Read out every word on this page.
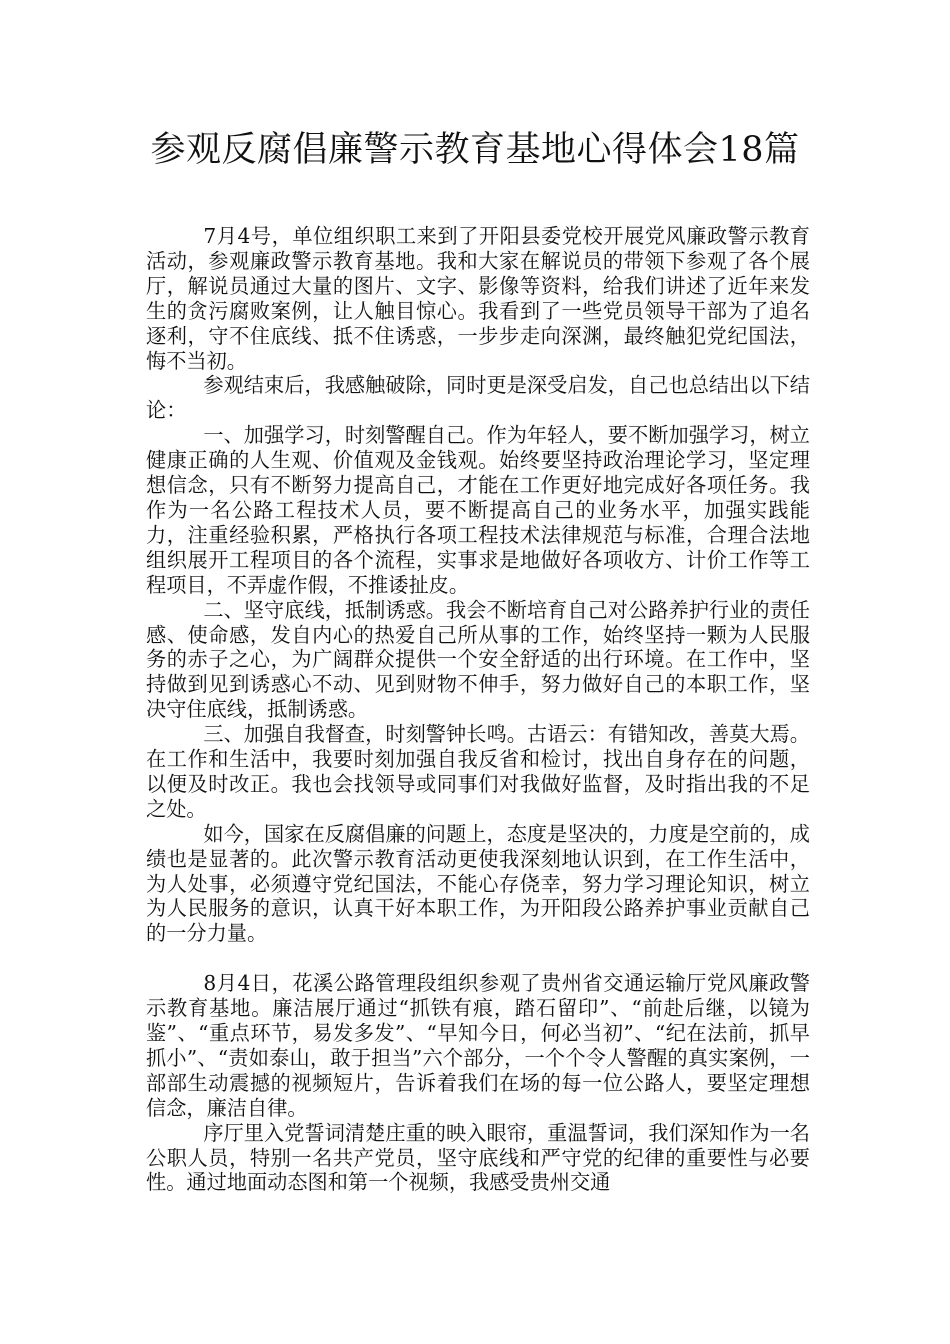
参观反腐倡廉警示教育基地心得体会18篇

7月4号，单位组织职工来到了开阳县委党校开展党风廉政警示教育活动，参观廉政警示教育基地。我和大家在解说员的带领下参观了各个展厅，解说员通过大量的图片、文字、影像等资料，给我们讲述了近年来发生的贪污腐败案例，让人触目惊心。我看到了一些党员领导干部为了追名逐利，守不住底线、抵不住诱惑，一步步走向深渊，最终触犯党纪国法，悔不当初。

参观结束后，我感触破除，同时更是深受启发，自己也总结出以下结论：

一、加强学习，时刻警醒自己。作为年轻人，要不断加强学习，树立健康正确的人生观、价值观及金钱观。始终要坚持政治理论学习，坚定理想信念，只有不断努力提高自己，才能在工作更好地完成好各项任务。我作为一名公路工程技术人员，要不断提高自己的业务水平，加强实践能力，注重经验积累，严格执行各项工程技术法律规范与标准，合理合法地组织展开工程项目的各个流程，实事求是地做好各项收方、计价工作等工程项目，不弄虚作假，不推诿扯皮。

二、坚守底线，抵制诱惑。我会不断培育自己对公路养护行业的责任感、使命感，发自内心的热爱自己所从事的工作，始终坚持一颗为人民服务的赤子之心，为广阔群众提供一个安全舒适的出行环境。在工作中，坚持做到见到诱惑心不动、见到财物不伸手，努力做好自己的本职工作，坚决守住底线，抵制诱惑。

三、加强自我督查，时刻警钟长鸣。古语云：有错知改，善莫大焉。在工作和生活中，我要时刻加强自我反省和检讨，找出自身存在的问题，以便及时改正。我也会找领导或同事们对我做好监督，及时指出我的不足之处。

如今，国家在反腐倡廉的问题上，态度是坚决的，力度是空前的，成绩也是显著的。此次警示教育活动更使我深刻地认识到，在工作生活中，为人处事，必须遵守党纪国法，不能心存侥幸，努力学习理论知识，树立为人民服务的意识，认真干好本职工作，为开阳段公路养护事业贡献自己的一分力量。

8月4日，花溪公路管理段组织参观了贵州省交通运输厅党风廉政警示教育基地。廉洁展厅通过“抓铁有痕，踏石留印”、“前赴后继，以镜为鉴”、“重点环节，易发多发”、“早知今日，何必当初”、“纪在法前，抓早抓小”、“责如泰山，敢于担当”六个部分，一个个令人警醒的真实案例，一部部生动震撼的视频短片，告诉着我们在场的每一位公路人，要坚定理想信念，廉洁自律。

序厅里入党誓词清楚庄重的映入眼帘，重温誓词，我们深知作为一名公职人员，特别一名共产党员，坚守底线和严守党的纪律的重要性与必要性。通过地面动态图和第一个视频，我感受贵州交通
